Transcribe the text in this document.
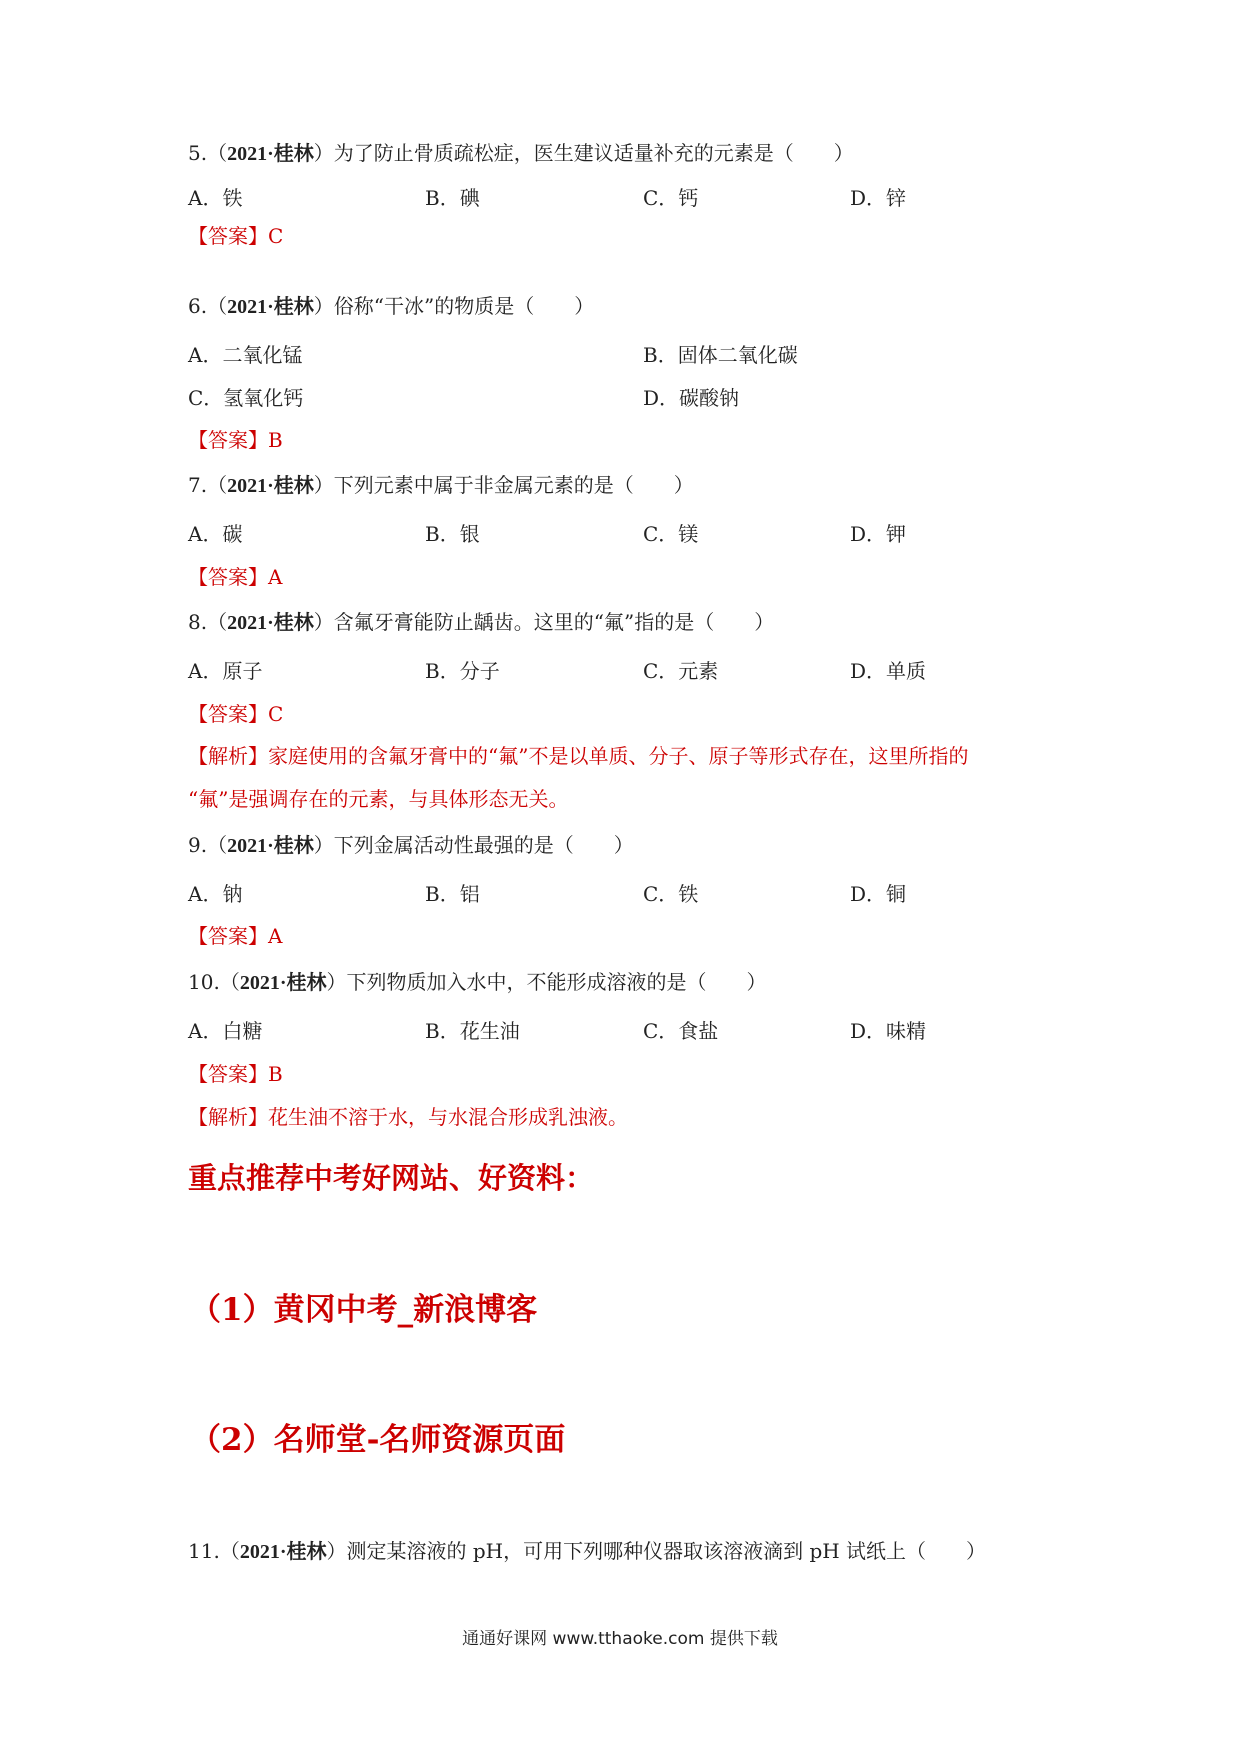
5.（2021·桂林）为了防止骨质疏松症，医生建议适量补充的元素是（　　）
A．铁	B．碘	C．钙	D．锌
【答案】C
6.（2021·桂林）俗称“干冰”的物质是（　　）
A．二氧化锰	B．固体二氧化碳
C．氢氧化钙	D．碳酸钠
【答案】B
7.（2021·桂林）下列元素中属于非金属元素的是（　　）
A．碳	B．银	C．镁	D．钾
【答案】A
8.（2021·桂林）含氟牙膏能防止龋齿。这里的“氟”指的是（　　）
A．原子	B．分子	C．元素	D．单质
【答案】C
【解析】家庭使用的含氟牙膏中的“氟”不是以单质、分子、原子等形式存在，这里所指的
“氟”是强调存在的元素，与具体形态无关。
9.（2021·桂林）下列金属活动性最强的是（　　）
A．钠	B．铝	C．铁	D．铜
【答案】A
10.（2021·桂林）下列物质加入水中，不能形成溶液的是（　　）
A．白糖	B．花生油	C．食盐	D．味精
【答案】B
【解析】花生油不溶于水，与水混合形成乳浊液。
重点推荐中考好网站、好资料：
（1）黄冈中考_新浪博客
（2）名师堂-名师资源页面
11.（2021·桂林）测定某溶液的 pH，可用下列哪种仪器取该溶液滴到 pH 试纸上（　　）
通通好课网 www.tthaoke.com 提供下载
